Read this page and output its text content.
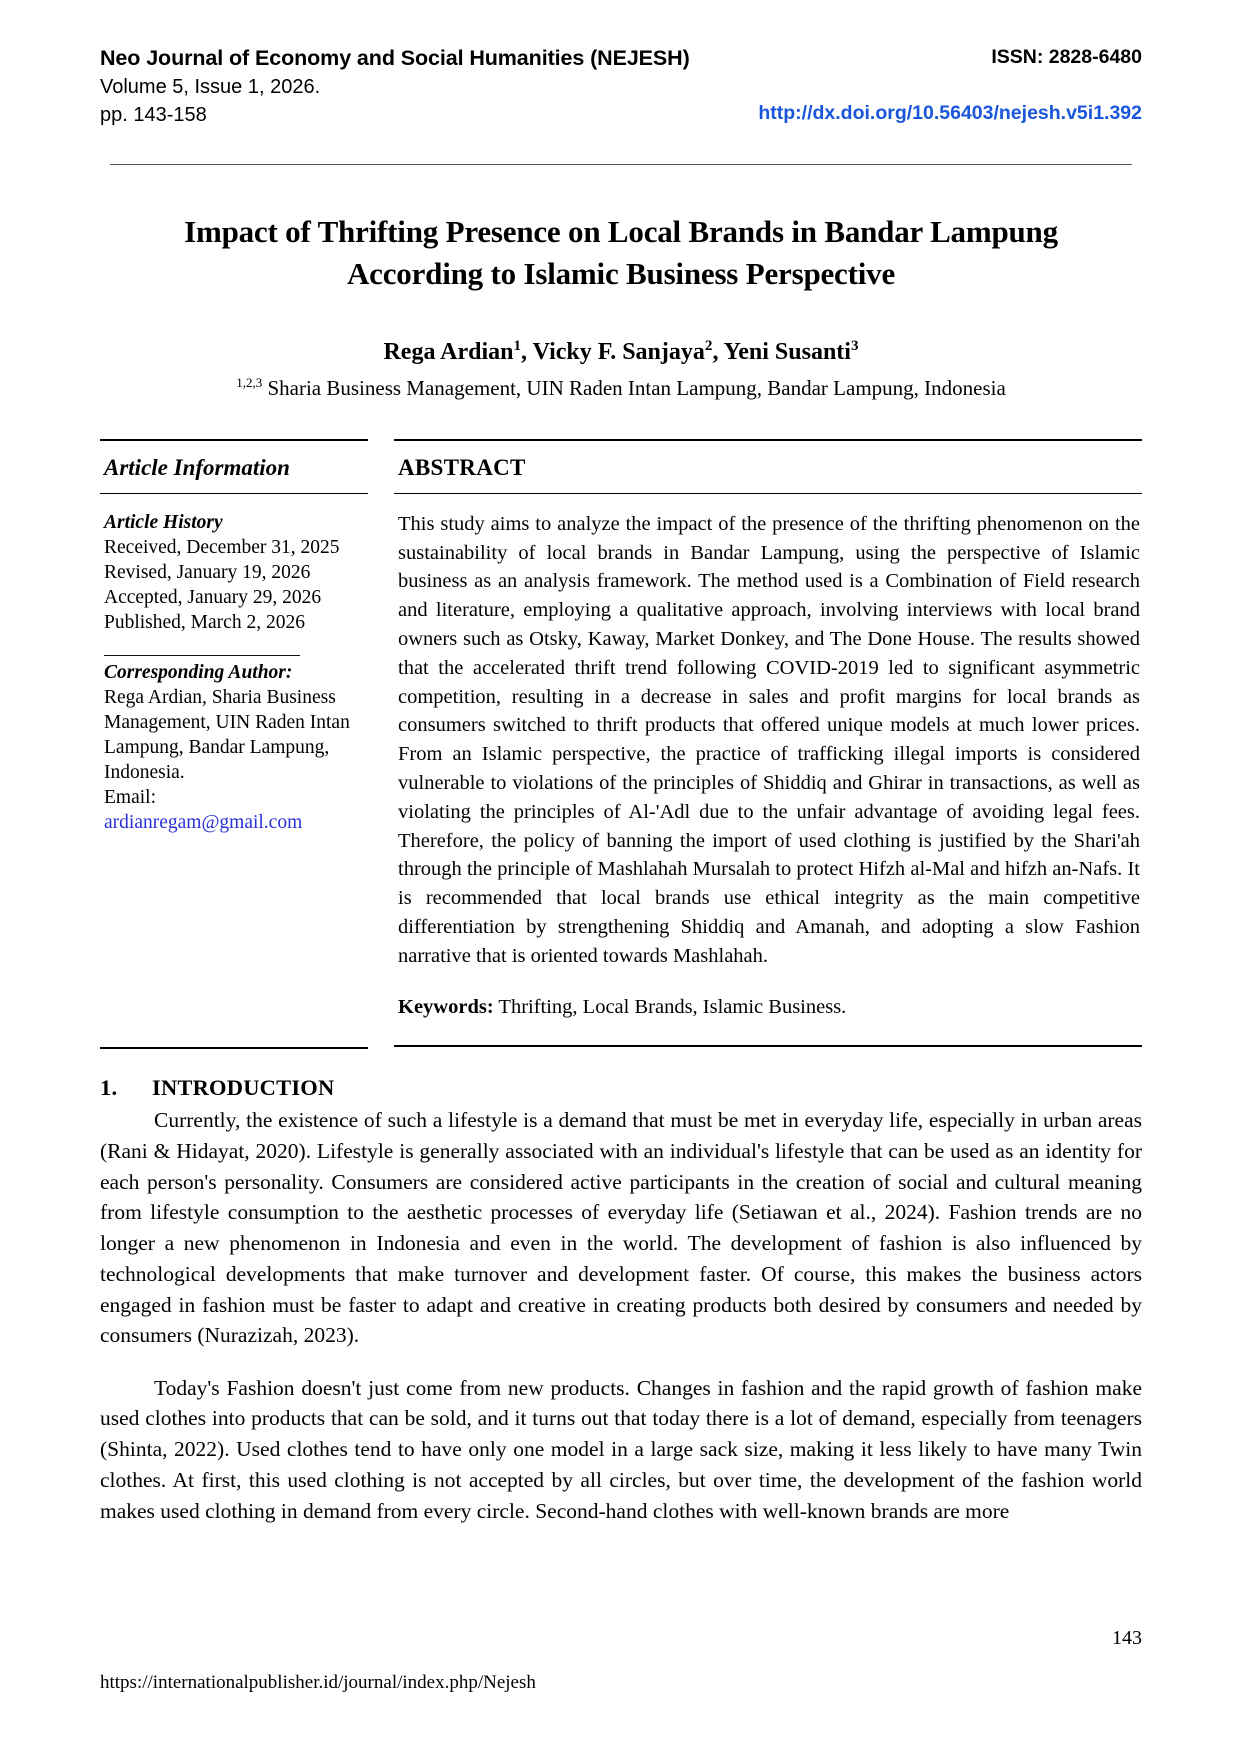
Neo Journal of Economy and Social Humanities (NEJESH)
Volume 5, Issue 1, 2026.
pp. 143-158
ISSN: 2828-6480
http://dx.doi.org/10.56403/nejesh.v5i1.392
Impact of Thrifting Presence on Local Brands in Bandar Lampung
According to Islamic Business Perspective
Rega Ardian$^1$, Vicky F. Sanjaya$^2$, Yeni Susanti$^3$
$^{1,2,3}$ Sharia Business Management, UIN Raden Intan Lampung, Bandar Lampung, Indonesia
Article Information
Article History
Received, December 31, 2025
Revised, January 19, 2026
Accepted, January 29, 2026
Published, March 2, 2026
Corresponding Author:
Rega Ardian, Sharia Business
Management, UIN Raden Intan
Lampung, Bandar Lampung,
Indonesia.
Email:
ardianregam@gmail.com
ABSTRACT
This study aims to analyze the impact of the presence of the thrifting phenomenon on the sustainability of local brands in Bandar Lampung, using the perspective of Islamic business as an analysis framework. The method used is a Combination of Field research and literature, employing a qualitative approach, involving interviews with local brand owners such as Otsky, Kaway, Market Donkey, and The Done House. The results showed that the accelerated thrift trend following COVID-2019 led to significant asymmetric competition, resulting in a decrease in sales and profit margins for local brands as consumers switched to thrift products that offered unique models at much lower prices. From an Islamic perspective, the practice of trafficking illegal imports is considered vulnerable to violations of the principles of Shiddiq and Ghirar in transactions, as well as violating the principles of Al-'Adl due to the unfair advantage of avoiding legal fees. Therefore, the policy of banning the import of used clothing is justified by the Shari'ah through the principle of Mashlahah Mursalah to protect Hifzh al-Mal and hifzh an-Nafs. It is recommended that local brands use ethical integrity as the main competitive differentiation by strengthening Shiddiq and Amanah, and adopting a slow Fashion narrative that is oriented towards Mashlahah.
Keywords: Thrifting, Local Brands, Islamic Business.
1.	INTRODUCTION

Currently, the existence of such a lifestyle is a demand that must be met in everyday life, especially in urban areas (Rani & Hidayat, 2020). Lifestyle is generally associated with an individual's lifestyle that can be used as an identity for each person's personality. Consumers are considered active participants in the creation of social and cultural meaning from lifestyle consumption to the aesthetic processes of everyday life (Setiawan et al., 2024). Fashion trends are no longer a new phenomenon in Indonesia and even in the world. The development of fashion is also influenced by technological developments that make turnover and development faster. Of course, this makes the business actors engaged in fashion must be faster to adapt and creative in creating products both desired by consumers and needed by consumers (Nurazizah, 2023).

Today's Fashion doesn't just come from new products. Changes in fashion and the rapid growth of fashion make used clothes into products that can be sold, and it turns out that today there is a lot of demand, especially from teenagers (Shinta, 2022). Used clothes tend to have only one model in a large sack size, making it less likely to have many Twin clothes. At first, this used clothing is not accepted by all circles, but over time, the development of the fashion world makes used clothing in demand from every circle. Second-hand clothes with well-known brands are more

143
https://internationalpublisher.id/journal/index.php/Nejesh
